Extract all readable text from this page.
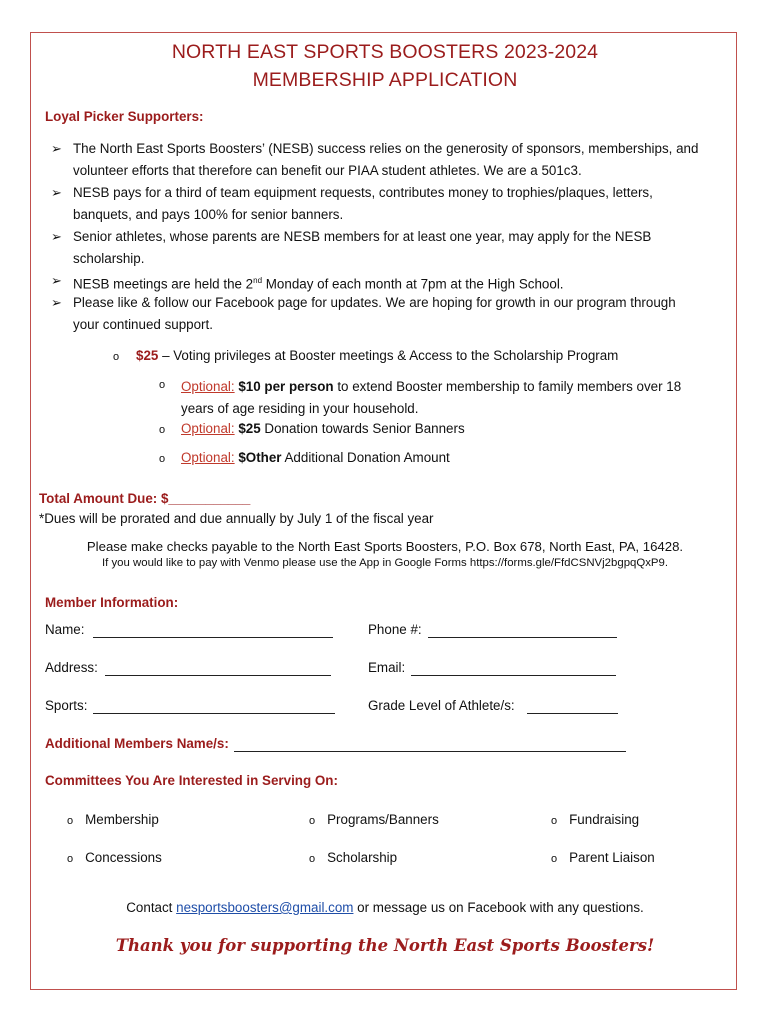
NORTH EAST SPORTS BOOSTERS 2023-2024
MEMBERSHIP APPLICATION
Loyal Picker Supporters:
➢ The North East Sports Boosters’ (NESB) success relies on the generosity of sponsors, memberships, and
volunteer efforts that therefore can benefit our PIAA student athletes. We are a 501c3.
➢ NESB pays for a third of team equipment requests, contributes money to trophies/plaques, letters,
banquets, and pays 100% for senior banners.
➢ Senior athletes, whose parents are NESB members for at least one year, may apply for the NESB
scholarship.
➢ NESB meetings are held the 2nd Monday of each month at 7pm at the High School.
➢ Please like & follow our Facebook page for updates. We are hoping for growth in our program through
your continued support.
o $25 – Voting privileges at Booster meetings & Access to the Scholarship Program
o Optional: $10 per person to extend Booster membership to family members over 18
years of age residing in your household.
o Optional: $25 Donation towards Senior Banners
o Optional: $Other Additional Donation Amount
Total Amount Due: $___________
*Dues will be prorated and due annually by July 1 of the fiscal year
Please make checks payable to the North East Sports Boosters, P.O. Box 678, North East, PA, 16428.
If you would like to pay with Venmo please use the App in Google Forms https://forms.gle/FfdCSNVj2bgpqQxP9.
Member Information:
Name:	Phone #:
Address:	Email:
Sports:	Grade Level of Athlete/s:
Additional Members Name/s:
Committees You Are Interested in Serving On:
o Membership	o Programs/Banners	o Fundraising
o Concessions	o Scholarship	o Parent Liaison
Contact nesportsboosters@gmail.com or message us on Facebook with any questions.
Thank you for supporting the North East Sports Boosters!
